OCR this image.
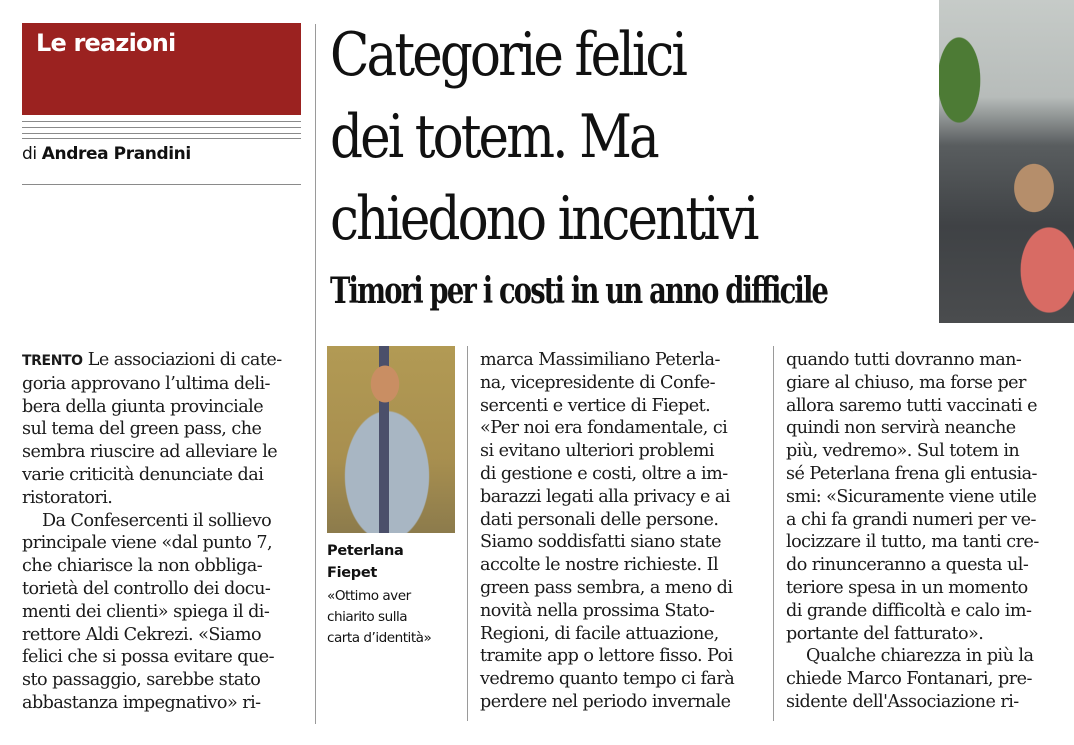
Le reazioni
di Andrea Prandini
Categorie felici
dei totem. Ma
chiedono incentivi
Timori per i costi in un anno difficile

TRENTO Le associazioni di cate-

goria approvano l’ultima deli-

bera della giunta provinciale

sul tema del green pass, che

sembra riuscire ad alleviare le

varie criticità denunciate dai

ristoratori.

Da Confesercenti il sollievo

principale viene «dal punto 7,

che chiarisce la non obbliga-

torietà del controllo dei docu-

menti dei clienti» spiega il di-

rettore Aldi Cekrezi. «Siamo

felici che si possa evitare que-

sto passaggio, sarebbe stato

abbastanza impegnativo» ri-

Peterlana

Fiepet

«Ottimo aver

chiarito sulla

carta d’identità»

marca Massimiliano Peterla-

na, vicepresidente di Confe-

sercenti e vertice di Fiepet.

«Per noi era fondamentale, ci

si evitano ulteriori problemi

di gestione e costi, oltre a im-

barazzi legati alla privacy e ai

dati personali delle persone.

Siamo soddisfatti siano state

accolte le nostre richieste. Il

green pass sembra, a meno di

novità nella prossima Stato-

Regioni, di facile attuazione,

tramite app o lettore fisso. Poi

vedremo quanto tempo ci farà

perdere nel periodo invernale

quando tutti dovranno man-

giare al chiuso, ma forse per

allora saremo tutti vaccinati e

quindi non servirà neanche

più, vedremo». Sul totem in

sé Peterlana frena gli entusia-

smi: «Sicuramente viene utile

a chi fa grandi numeri per ve-

locizzare il tutto, ma tanti cre-

do rinunceranno a questa ul-

teriore spesa in un momento

di grande difficoltà e calo im-

portante del fatturato».

Qualche chiarezza in più la

chiede Marco Fontanari, pre-

sidente dell'Associazione ri-
